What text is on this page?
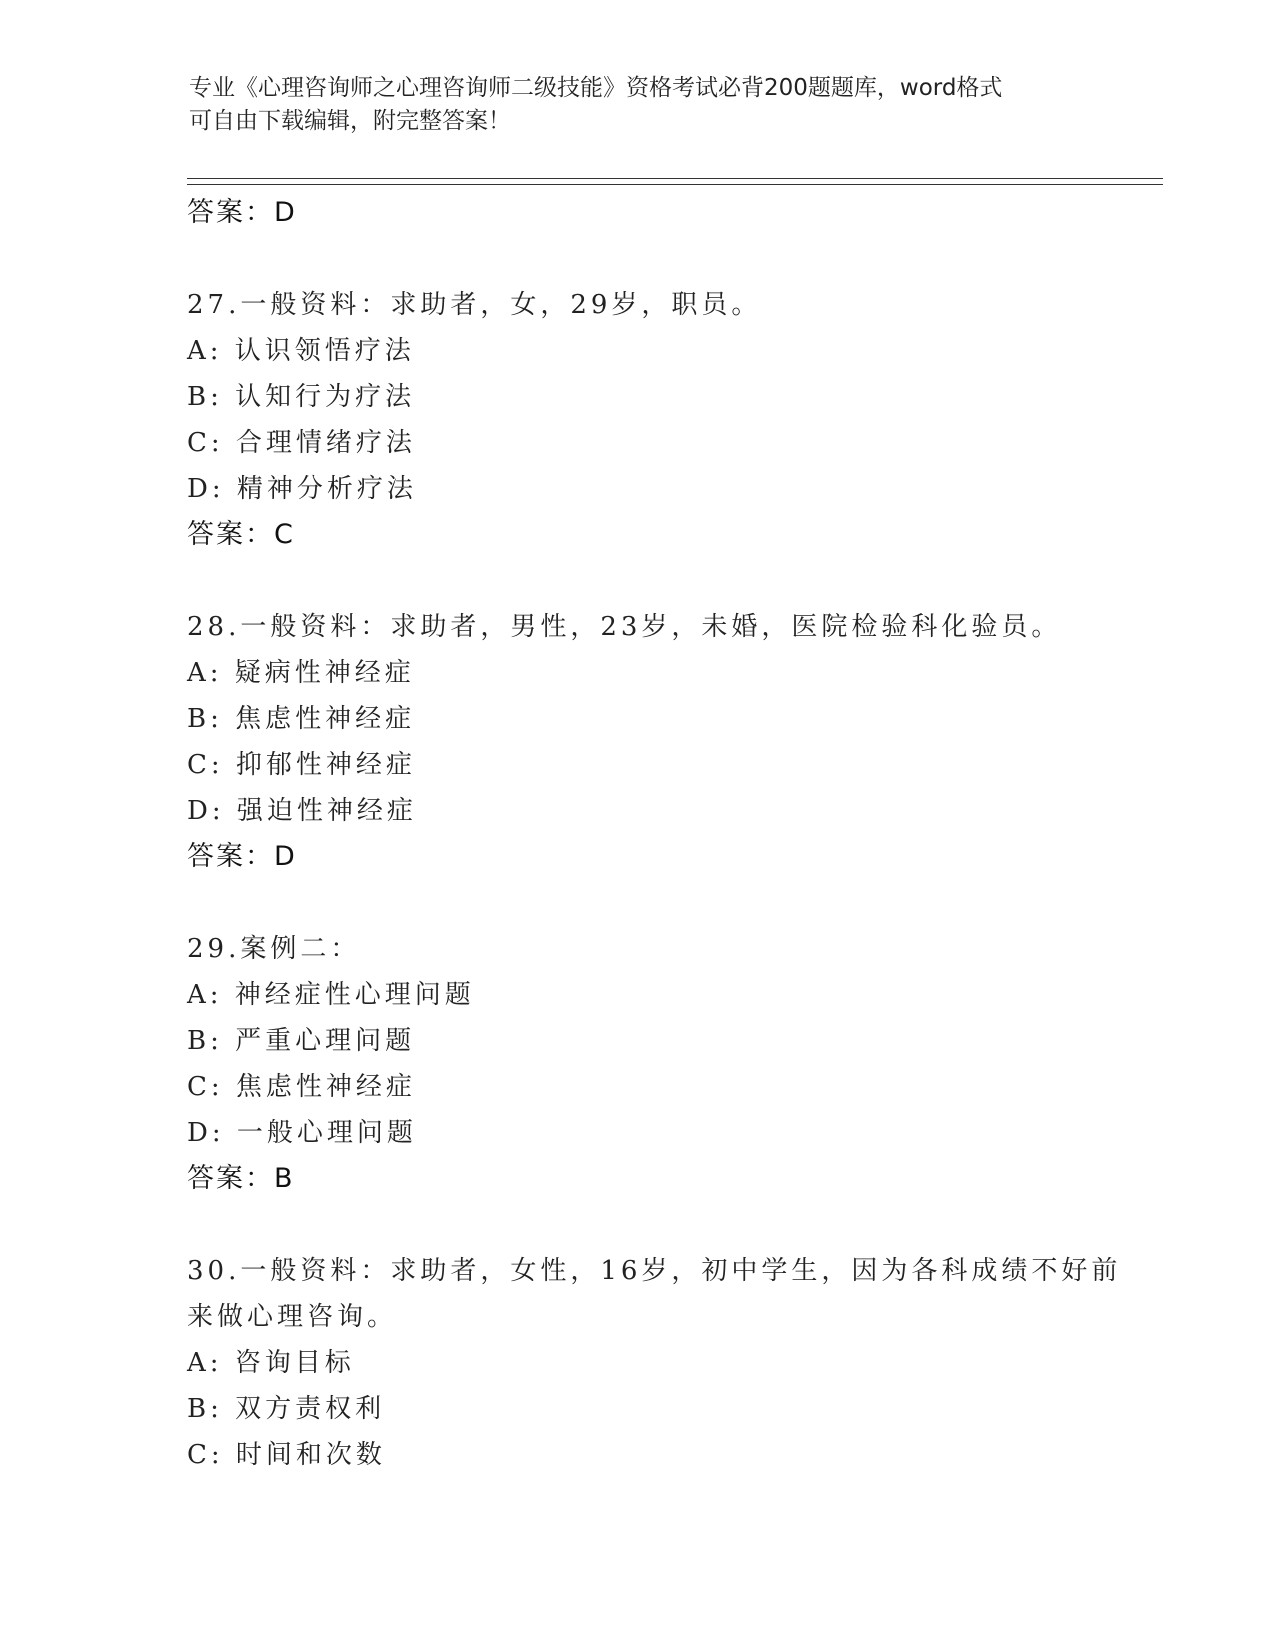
专业《心理咨询师之心理咨询师二级技能》资格考试必背200题题库，word格式
可自由下载编辑，附完整答案！
答案：D
27.一般资料：求助者，女，29岁，职员。
A: 认识领悟疗法
B: 认知行为疗法
C: 合理情绪疗法
D: 精神分析疗法
答案：C
28.一般资料：求助者，男性，23岁，未婚，医院检验科化验员。
A: 疑病性神经症
B: 焦虑性神经症
C: 抑郁性神经症
D: 强迫性神经症
答案：D
29.案例二：
A: 神经症性心理问题
B: 严重心理问题
C: 焦虑性神经症
D: 一般心理问题
答案：B
30.一般资料：求助者，女性，16岁，初中学生，因为各科成绩不好前
来做心理咨询。
A: 咨询目标
B: 双方责权利
C: 时间和次数
